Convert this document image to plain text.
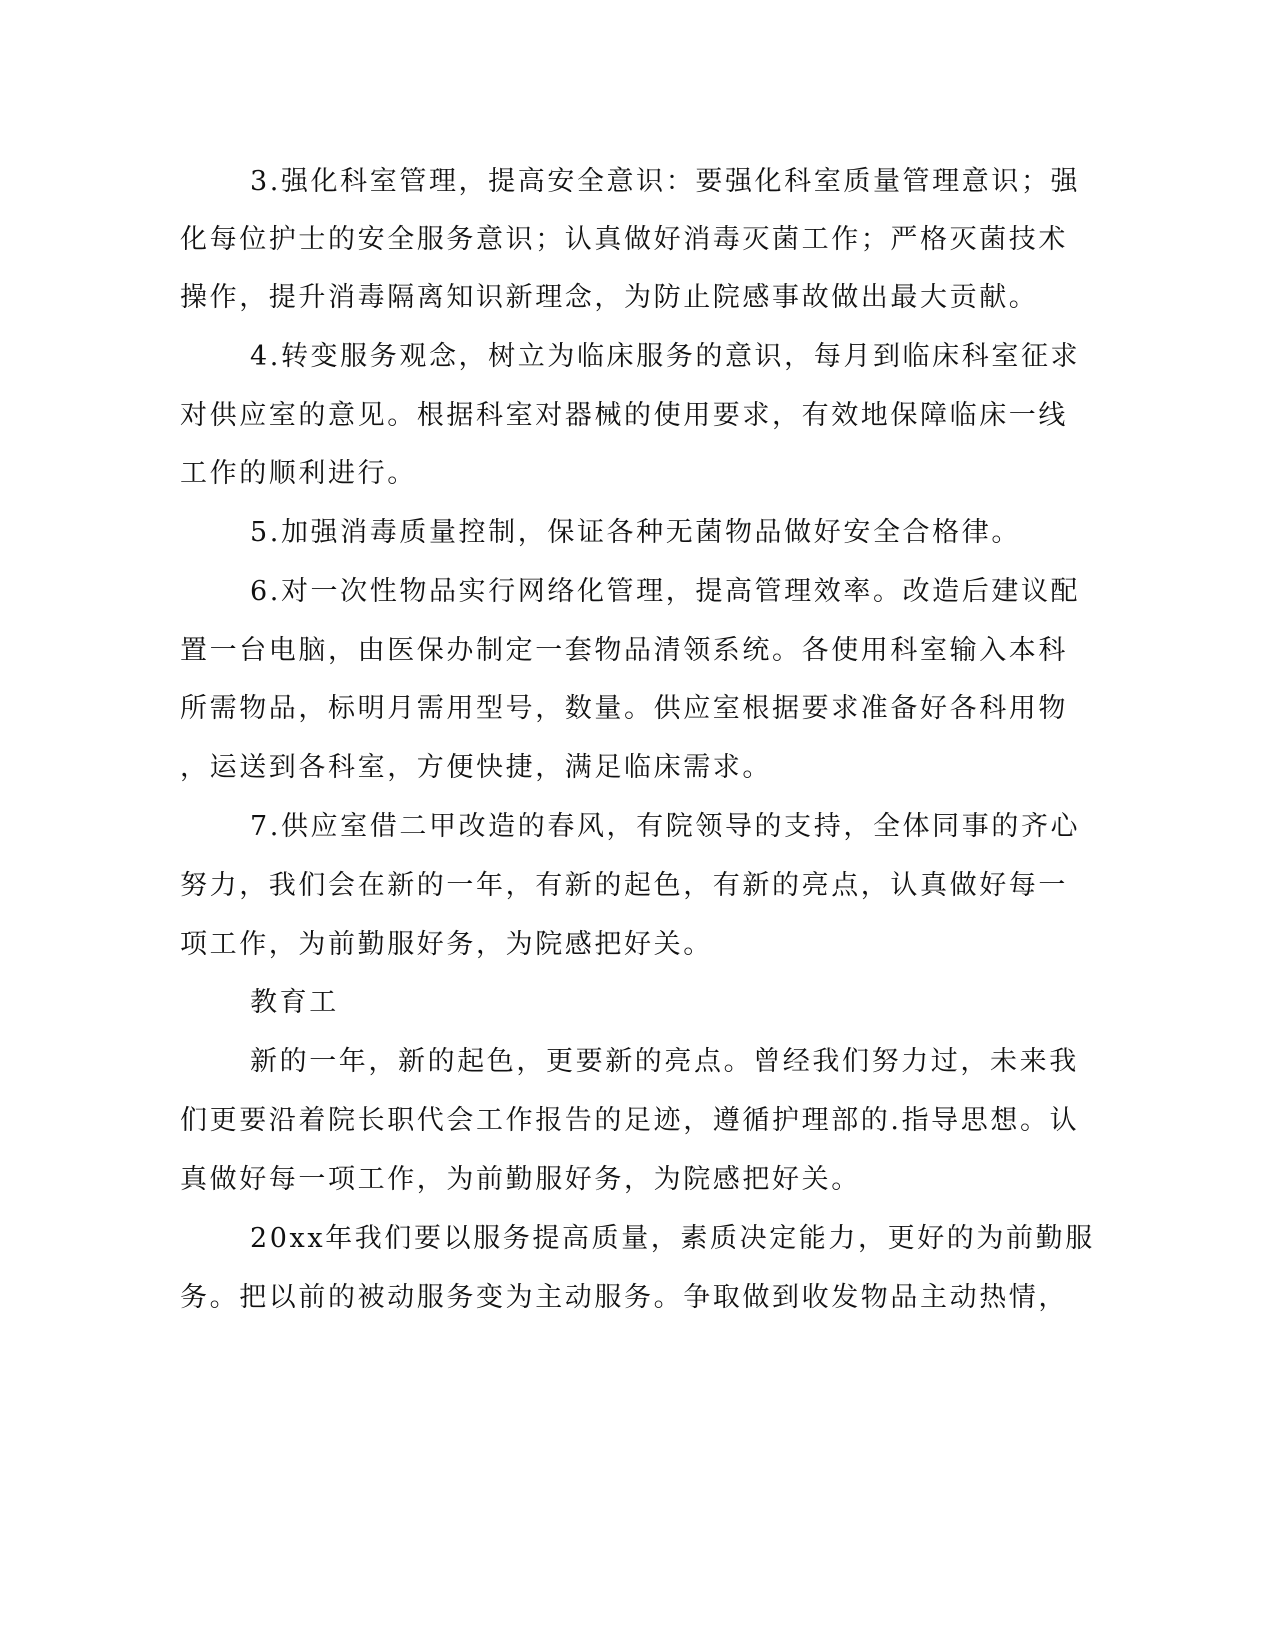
3.强化科室管理，提高安全意识：要强化科室质量管理意识；强
化每位护士的安全服务意识；认真做好消毒灭菌工作；严格灭菌技术
操作，提升消毒隔离知识新理念，为防止院感事故做出最大贡献。
4.转变服务观念，树立为临床服务的意识，每月到临床科室征求
对供应室的意见。根据科室对器械的使用要求，有效地保障临床一线
工作的顺利进行。
5.加强消毒质量控制，保证各种无菌物品做好安全合格律。
6.对一次性物品实行网络化管理，提高管理效率。改造后建议配
置一台电脑，由医保办制定一套物品清领系统。各使用科室输入本科
所需物品，标明月需用型号，数量。供应室根据要求准备好各科用物
，运送到各科室，方便快捷，满足临床需求。
7.供应室借二甲改造的春风，有院领导的支持，全体同事的齐心
努力，我们会在新的一年，有新的起色，有新的亮点，认真做好每一
项工作，为前勤服好务，为院感把好关。
教育工
新的一年，新的起色，更要新的亮点。曾经我们努力过，未来我
们更要沿着院长职代会工作报告的足迹，遵循护理部的.指导思想。认
真做好每一项工作，为前勤服好务，为院感把好关。
20xx年我们要以服务提高质量，素质决定能力，更好的为前勤服
务。把以前的被动服务变为主动服务。争取做到收发物品主动热情，
